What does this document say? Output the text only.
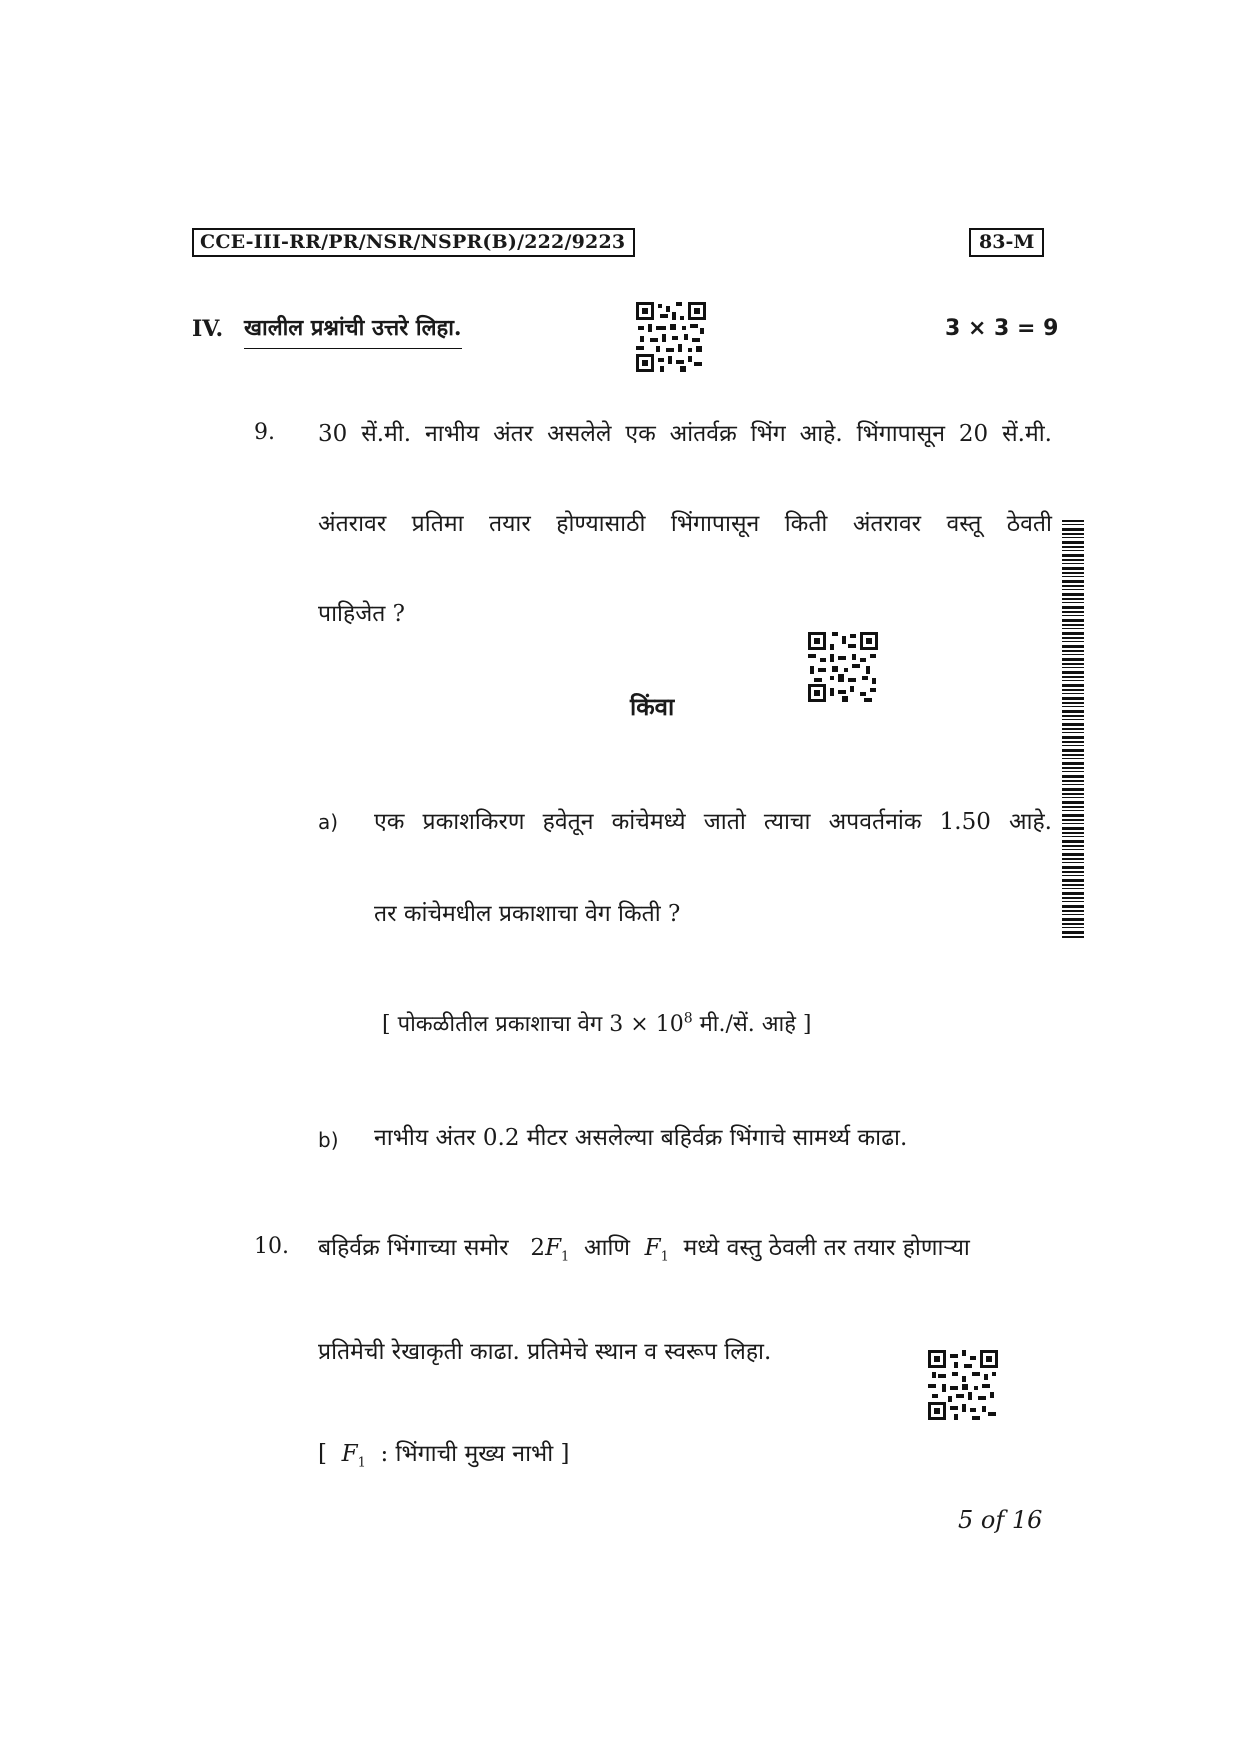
CCE-III-RR/PR/NSR/NSPR(B)/222/9223	83-M
IV. खालील प्रश्नांची उत्तरे लिहा.	3 × 3 = 9
9. 30 सें.मी. नाभीय अंतर असलेले एक आंतर्वक्र भिंग आहे. भिंगापासून 20 सें.मी.
अंतरावर प्रतिमा तयार होण्यासाठी भिंगापासून किती अंतरावर वस्तू ठेवती
पाहिजेत ?
किंवा
a) एक प्रकाशकिरण हवेतून कांचेमध्ये जातो त्याचा अपवर्तनांक 1.50 आहे.
तर कांचेमधील प्रकाशाचा वेग किती ?
[ पोकळीतील प्रकाशाचा वेग $3 \times 10^8$ मी./सें. आहे ]
b) नाभीय अंतर 0.2 मीटर असलेल्या बहिर्वक्र भिंगाचे सामर्थ्य काढा.
10. बहिर्वक्र भिंगाच्या समोर $2F_1$ आणि $F_1$ मध्ये वस्तु ठेवली तर तयार होणाऱ्या
प्रतिमेची रेखाकृती काढा. प्रतिमेचे स्थान व स्वरूप लिहा.
[ $F_1$ : भिंगाची मुख्य नाभी ]
5 of 16
